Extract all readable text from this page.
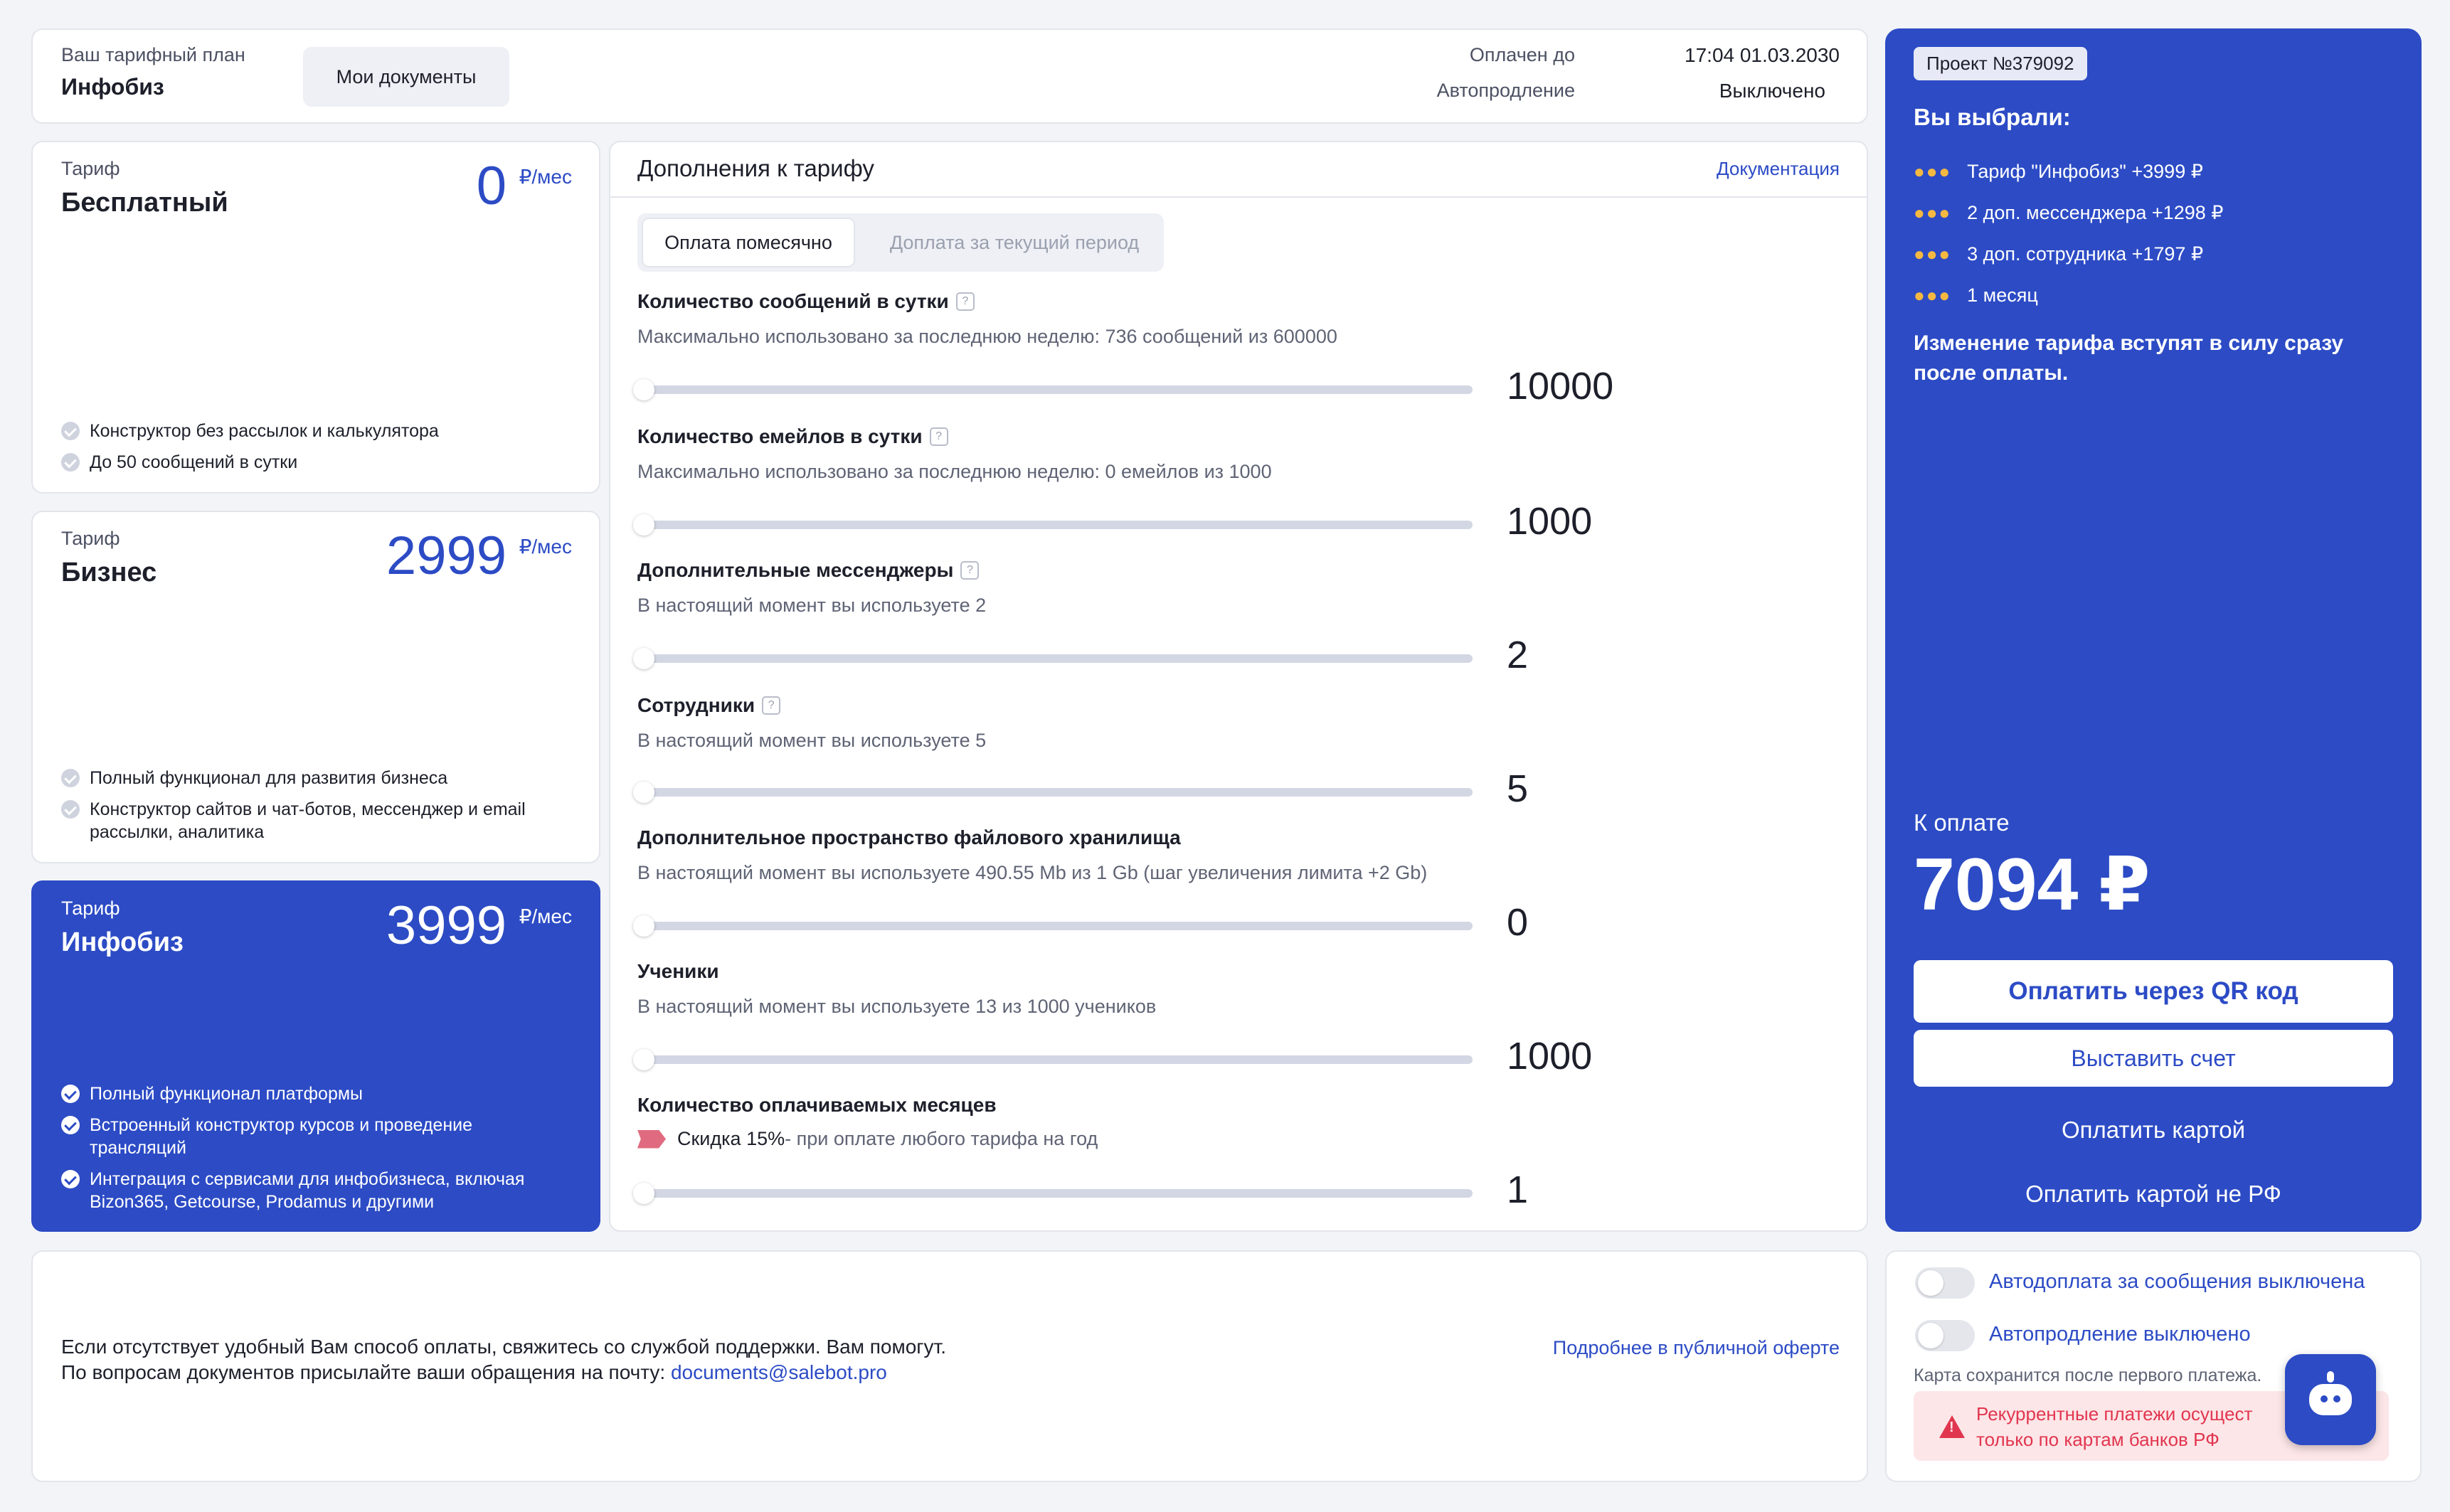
Ваш тарифный план
Инфобиз	Мои документы
Оплачен до	17:04 01.03.2030
Автопродление	Выключено
Тариф
Бесплатный	0 ₽/мес
Конструктор без рассылок и калькулятора
До 50 сообщений в сутки
Тариф
Бизнес	2999 ₽/мес
Полный функционал для развития бизнеса
Конструктор сайтов и чат-ботов, мессенджер и email рассылки, аналитика
Тариф
Инфобиз	3999 ₽/мес
Полный функционал платформы
Встроенный конструктор курсов и проведение трансляций
Интеграция с сервисами для инфобизнеса, включая Bizon365, Getcourse, Prodamus и другими
Дополнения к тарифу	Документация
Оплата помесячно	Доплата за текущий период
Количество сообщений в сутки	?
Максимально использовано за последнюю неделю: 736 сообщений из 600000
10000
Количество емейлов в сутки	?
Максимально использовано за последнюю неделю: 0 емейлов из 1000
1000
Дополнительные мессенджеры	?
В настоящий момент вы используете 2
2
Сотрудники	?
В настоящий момент вы используете 5
5
Дополнительное пространство файлового хранилища
В настоящий момент вы используете 490.55 Mb из 1 Gb (шаг увеличения лимита +2 Gb)
0
Ученики
В настоящий момент вы используете 13 из 1000 учеников
1000
Количество оплачиваемых месяцев
Скидка 15% - при оплате любого тарифа на год
1
Проект №379092
Вы выбрали:
●●● Тариф "Инфобиз" +3999 ₽
●●● 2 доп. мессенджера +1298 ₽
●●● 3 доп. сотрудника +1797 ₽
●●● 1 месяц
Изменение тарифа вступят в силу сразу после оплаты.
К оплате
7094 ₽
Оплатить через QR код
Выставить счет
Оплатить картой
Оплатить картой не РФ
Если отсутствует удобный Вам способ оплаты, свяжитесь со службой поддержки. Вам помогут.
По вопросам документов присылайте ваши обращения на почту: documents@salebot.pro
Подробнее в публичной оферте
Автодоплата за сообщения выключена
Автопродление выключено
Карта сохранится после первого платежа.
!
Рекуррентные платежи осущест
только по картам банков РФ
